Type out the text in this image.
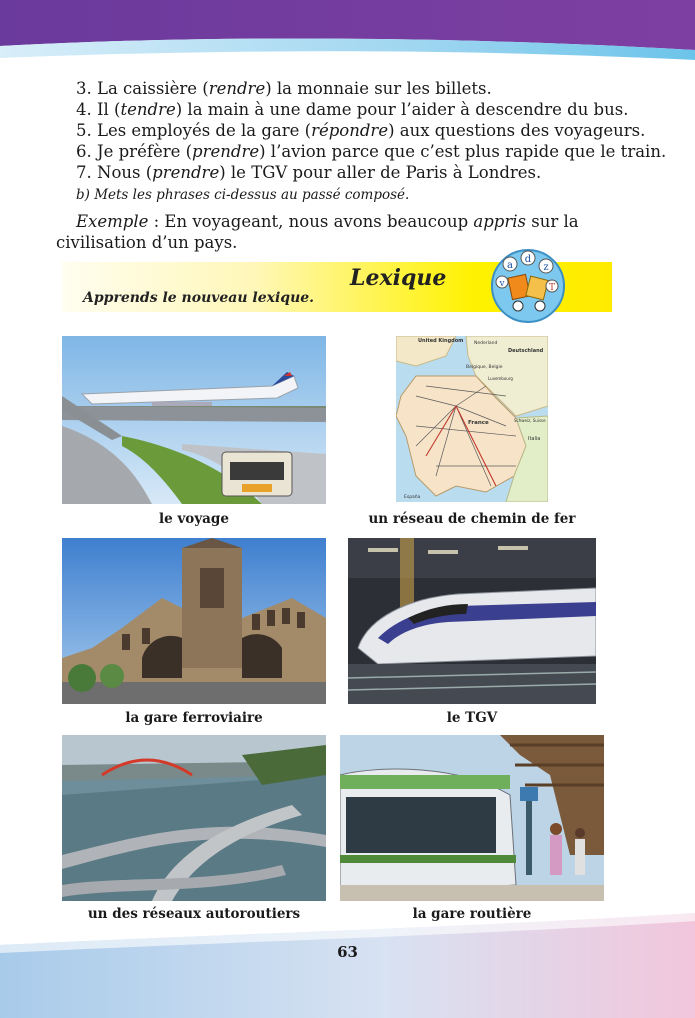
3. La caissière (rendre) la monnaie sur les billets.
4. Il (tendre) la main à une dame pour l’aider à descendre du bus.
5. Les employés de la gare (répondre) aux questions des voyageurs.
6. Je préfère (prendre) l’avion parce que c’est plus rapide que le train.
7. Nous (prendre) le TGV pour aller de Paris à Londres.
b) Mets les phrases ci-dessus au passé composé.
Exemple : En voyageant, nous avons beaucoup appris sur la civilisation d’un pays.
Lexique
Apprends le nouveau lexique.
a
d
v
z
T
le voyage
United Kingdom Nederland
Deutschland
Belgique, Belgie
Luxembourg
France	Schweiz, Suisse
Italia
España
un réseau de chemin de fer
la gare ferroviaire	le TGV
un des réseaux autoroutiers	la gare routière
63
